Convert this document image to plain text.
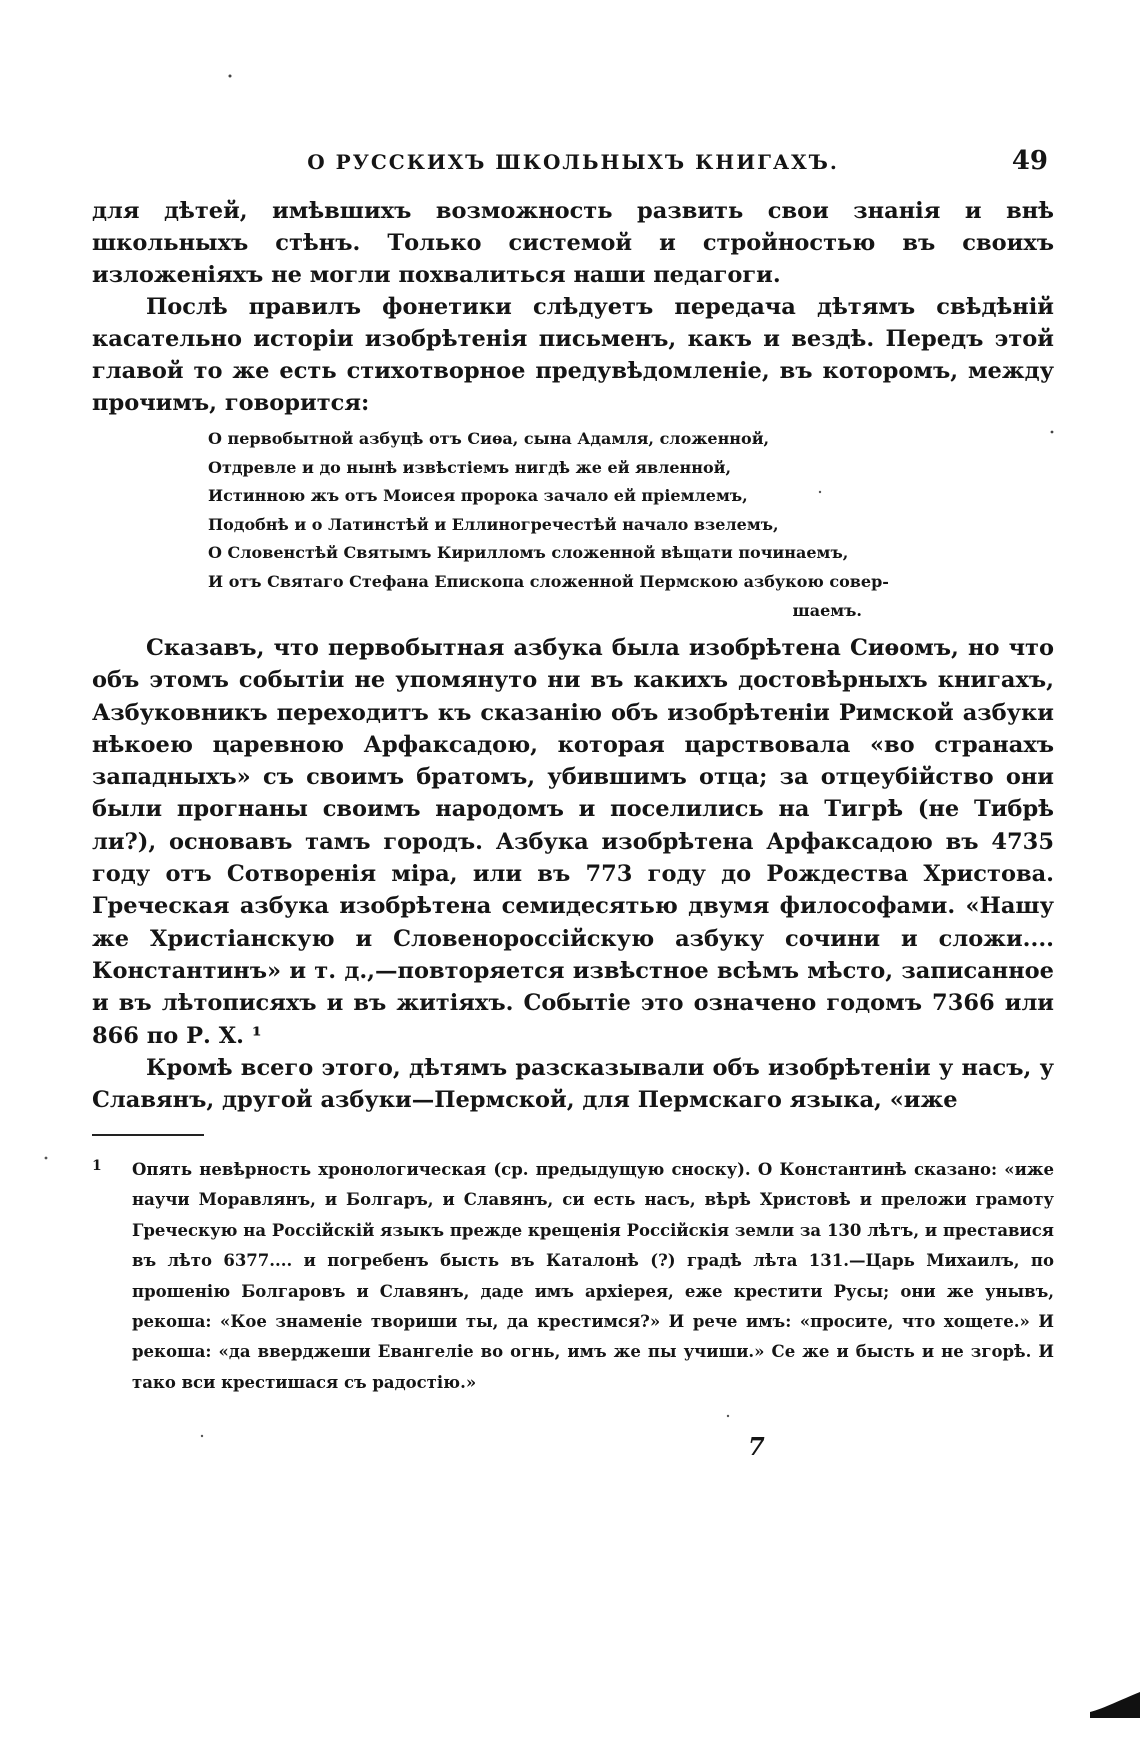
О РУССКИХЪ ШКОЛЬНЫХЪ КНИГАХЪ.	49

для дѣтей, имѣвшихъ возможность развить свои знанія и внѣ школьныхъ стѣнъ. Только системой и стройностью въ своихъ изложеніяхъ не могли похвалиться наши педагоги.

Послѣ правилъ фонетики слѣдуетъ передача дѣтямъ свѣдѣній касательно исторіи изобрѣтенія письменъ, какъ и вездѣ. Передъ этой главой то же есть стихотворное предувѣдомленіе, въ которомъ, между прочимъ, говорится:

О первобытной азбуцѣ отъ Сиѳа, сына Адамля, сложенной,
Отдревле и до нынѣ извѣстіемъ нигдѣ же ей явленной,
Истинною жъ отъ Моисея пророка зачало ей пріемлемъ,
Подобнѣ и о Латинстѣй и Еллиногречестѣй начало взелемъ,
О Словенстѣй Святымъ Кирилломъ сложенной вѣщати починаемъ,
И отъ Святаго Стефана Епископа сложенной Пермскою азбукою совер-
шаемъ.

Сказавъ, что первобытная азбука была изобрѣтена Сиѳомъ, но что объ этомъ событіи не упомянуто ни въ какихъ достовѣрныхъ книгахъ, Азбуковникъ переходитъ къ сказанію объ изобрѣтеніи Римской азбуки нѣкоею царевною Арфаксадою, которая царствовала «во странахъ западныхъ» съ своимъ братомъ, убившимъ отца; за отцеубійство они были прогнаны своимъ народомъ и поселились на Тигрѣ (не Тибрѣ ли?), основавъ тамъ городъ. Азбука изобрѣтена Арфаксадою въ 4735 году отъ Сотворенія міра, или въ 773 году до Рождества Христова. Греческая азбука изобрѣтена семидесятью двумя философами. «Нашу же Христіанскую и Словенороссійскую азбуку сочини и сложи.... Константинъ» и т. д.,—повторяется извѣстное всѣмъ мѣсто, записанное и въ лѣтописяхъ и въ житіяхъ. Событіе это означено годомъ 7366 или 866 по Р. Х. ¹

Кромѣ всего этого, дѣтямъ разсказывали объ изобрѣтеніи у насъ, у Славянъ, другой азбуки—Пермской, для Пермскаго языка, «иже

1	Опять невѣрность хронологическая (ср. предыдущую сноску). О Константинѣ сказано: «иже научи Моравлянъ, и Болгаръ, и Славянъ, си есть насъ, вѣрѣ Христовѣ и преложи грамоту Греческую на Россійскій языкъ прежде крещенія Россійскія земли за 130 лѣтъ, и преставися въ лѣто 6377.... и погребенъ бысть въ Каталонѣ (?) градѣ лѣта 131.—Царь Михаилъ, по прошенію Болгаровъ и Славянъ, даде имъ архіерея, еже крестити Русы; они же унывъ, рекоша: «Кое знаменіе твориши ты, да крестимся?» И рече имъ: «просите, что хощете.» И рекоша: «да вверджеши Евангеліе во огнь, имъ же пы учиши.» Се же и бысть и не згорѣ. И тако вси крестишася съ радостію.»
7
